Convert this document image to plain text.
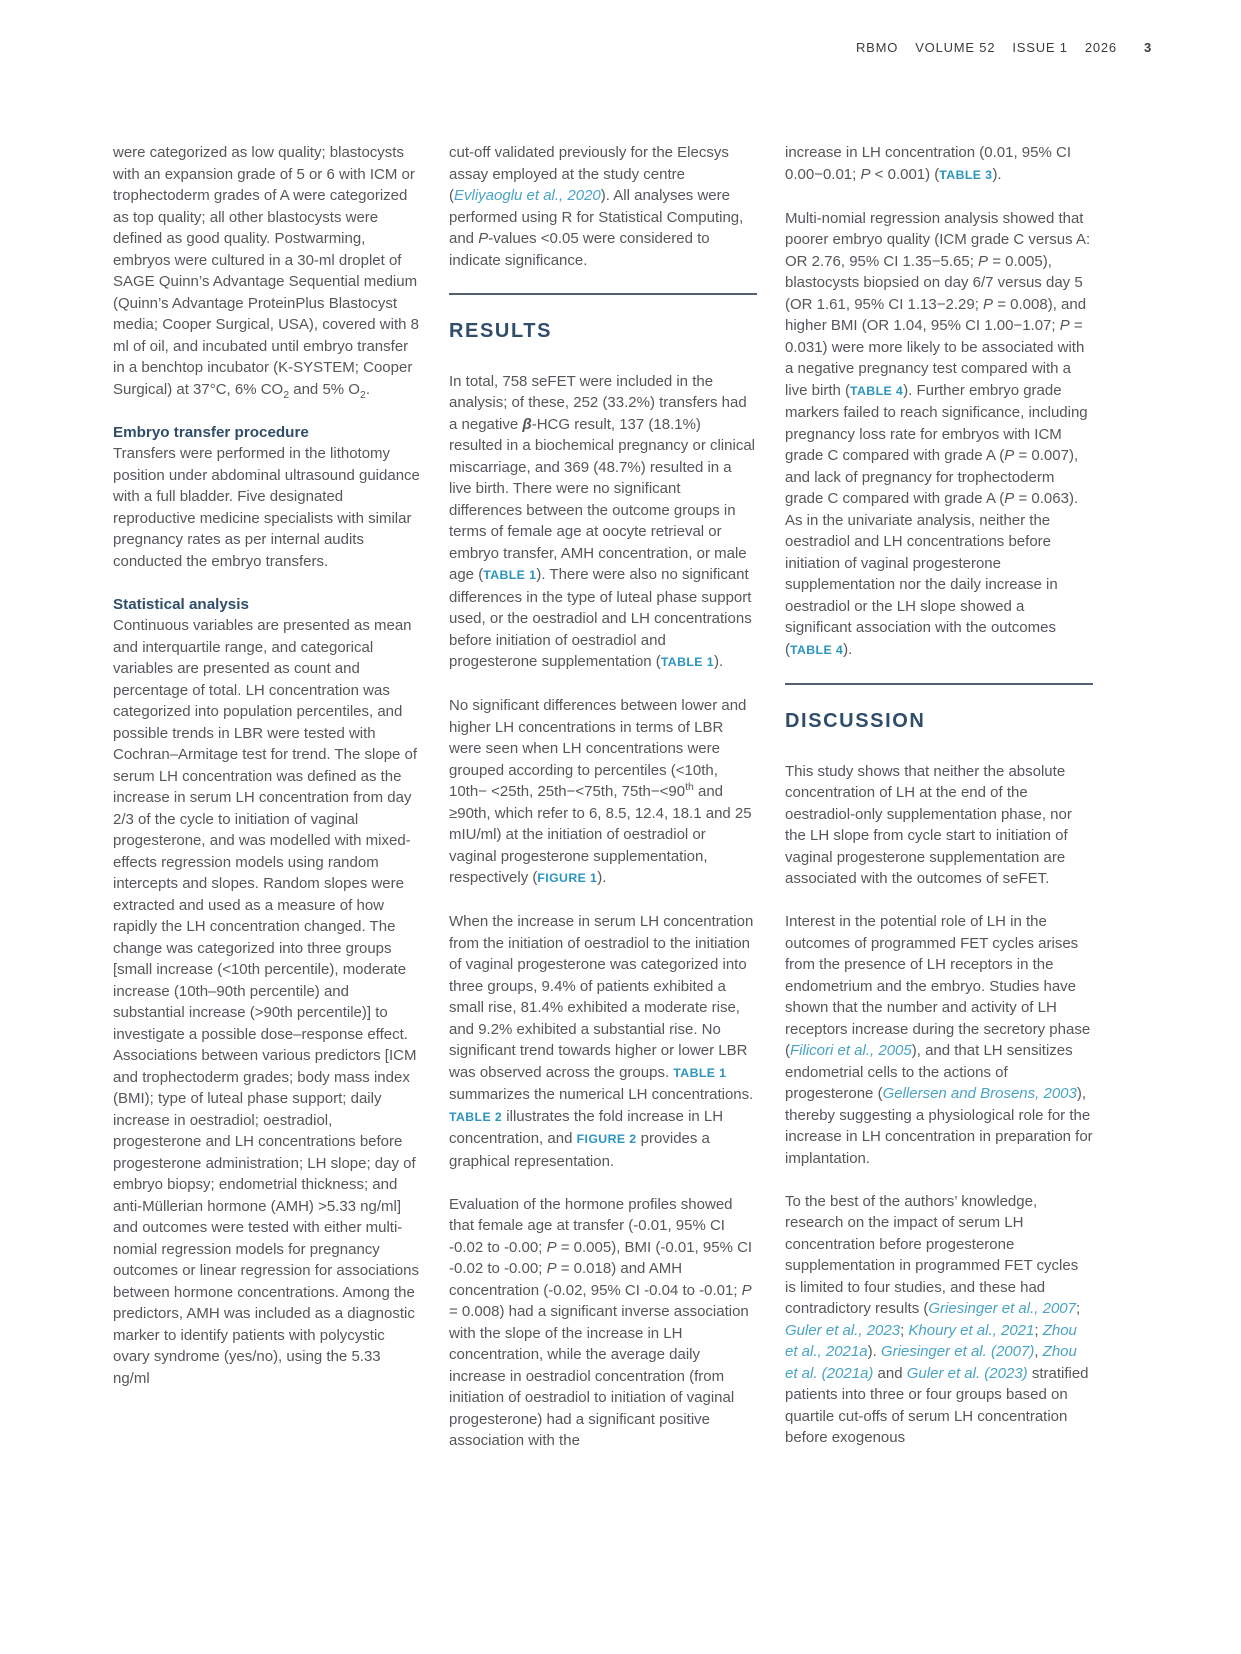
RBMO VOLUME 52 ISSUE 1 2026 3

were categorized as low quality; blastocysts with an expansion grade of 5 or 6 with ICM or trophectoderm grades of A were categorized as top quality; all other blastocysts were defined as good quality. Postwarming, embryos were cultured in a 30-ml droplet of SAGE Quinn’s Advantage Sequential medium (Quinn’s Advantage ProteinPlus Blastocyst media; Cooper Surgical, USA), covered with 8 ml of oil, and incubated until embryo transfer in a benchtop incubator (K-SYSTEM; Cooper Surgical) at 37°C, 6% $CO_2$ and 5% $O_2$.

Embryo transfer procedure

Transfers were performed in the lithotomy position under abdominal ultrasound guidance with a full bladder. Five designated reproductive medicine specialists with similar pregnancy rates as per internal audits conducted the embryo transfers.

Statistical analysis

Continuous variables are presented as mean and interquartile range, and categorical variables are presented as count and percentage of total. LH concentration was categorized into population percentiles, and possible trends in LBR were tested with Cochran–Armitage test for trend. The slope of serum LH concentration was defined as the increase in serum LH concentration from day 2/3 of the cycle to initiation of vaginal progesterone, and was modelled with mixed-effects regression models using random intercepts and slopes. Random slopes were extracted and used as a measure of how rapidly the LH concentration changed. The change was categorized into three groups [small increase (<10th percentile), moderate increase (10th–90th percentile) and substantial increase (>90th percentile)] to investigate a possible dose–response effect. Associations between various predictors [ICM and trophectoderm grades; body mass index (BMI); type of luteal phase support; daily increase in oestradiol; oestradiol, progesterone and LH concentrations before progesterone administration; LH slope; day of embryo biopsy; endometrial thickness; and anti-Müllerian hormone (AMH) >5.33 ng/ml] and outcomes were tested with either multi-nomial regression models for pregnancy outcomes or linear regression for associations between hormone concentrations. Among the predictors, AMH was included as a diagnostic marker to identify patients with polycystic ovary syndrome (yes/no), using the 5.33 ng/ml

cut-off validated previously for the Elecsys assay employed at the study centre (Evliyaoglu et al., 2020). All analyses were performed using R for Statistical Computing, and P-values <0.05 were considered to indicate significance.

RESULTS

In total, 758 seFET were included in the analysis; of these, 252 (33.2%) transfers had a negative β-HCG result, 137 (18.1%) resulted in a biochemical pregnancy or clinical miscarriage, and 369 (48.7%) resulted in a live birth. There were no significant differences between the outcome groups in terms of female age at oocyte retrieval or embryo transfer, AMH concentration, or male age (TABLE 1). There were also no significant differences in the type of luteal phase support used, or the oestradiol and LH concentrations before initiation of oestradiol and progesterone supplementation (TABLE 1).

No significant differences between lower and higher LH concentrations in terms of LBR were seen when LH concentrations were grouped according to percentiles (<10th, 10th− <25th, 25th−<75th, 75th−<90th and ≥90th, which refer to 6, 8.5, 12.4, 18.1 and 25 mIU/ml) at the initiation of oestradiol or vaginal progesterone supplementation, respectively (FIGURE 1).

When the increase in serum LH concentration from the initiation of oestradiol to the initiation of vaginal progesterone was categorized into three groups, 9.4% of patients exhibited a small rise, 81.4% exhibited a moderate rise, and 9.2% exhibited a substantial rise. No significant trend towards higher or lower LBR was observed across the groups. TABLE 1 summarizes the numerical LH concentrations. TABLE 2 illustrates the fold increase in LH concentration, and FIGURE 2 provides a graphical representation.

Evaluation of the hormone profiles showed that female age at transfer (-0.01, 95% CI -0.02 to -0.00; P = 0.005), BMI (-0.01, 95% CI -0.02 to -0.00; P = 0.018) and AMH concentration (-0.02, 95% CI -0.04 to -0.01; P = 0.008) had a significant inverse association with the slope of the increase in LH concentration, while the average daily increase in oestradiol concentration (from initiation of oestradiol to initiation of vaginal progesterone) had a significant positive association with the

increase in LH concentration (0.01, 95% CI 0.00−0.01; P < 0.001) (TABLE 3).

Multi-nomial regression analysis showed that poorer embryo quality (ICM grade C versus A: OR 2.76, 95% CI 1.35−5.65; P = 0.005), blastocysts biopsied on day 6/7 versus day 5 (OR 1.61, 95% CI 1.13−2.29; P = 0.008), and higher BMI (OR 1.04, 95% CI 1.00−1.07; P = 0.031) were more likely to be associated with a negative pregnancy test compared with a live birth (TABLE 4). Further embryo grade markers failed to reach significance, including pregnancy loss rate for embryos with ICM grade C compared with grade A (P = 0.007), and lack of pregnancy for trophectoderm grade C compared with grade A (P = 0.063). As in the univariate analysis, neither the oestradiol and LH concentrations before initiation of vaginal progesterone supplementation nor the daily increase in oestradiol or the LH slope showed a significant association with the outcomes (TABLE 4).

DISCUSSION

This study shows that neither the absolute concentration of LH at the end of the oestradiol-only supplementation phase, nor the LH slope from cycle start to initiation of vaginal progesterone supplementation are associated with the outcomes of seFET.

Interest in the potential role of LH in the outcomes of programmed FET cycles arises from the presence of LH receptors in the endometrium and the embryo. Studies have shown that the number and activity of LH receptors increase during the secretory phase (Filicori et al., 2005), and that LH sensitizes endometrial cells to the actions of progesterone (Gellersen and Brosens, 2003), thereby suggesting a physiological role for the increase in LH concentration in preparation for implantation.

To the best of the authors’ knowledge, research on the impact of serum LH concentration before progesterone supplementation in programmed FET cycles is limited to four studies, and these had contradictory results (Griesinger et al., 2007; Guler et al., 2023; Khoury et al., 2021; Zhou et al., 2021a). Griesinger et al. (2007), Zhou et al. (2021a) and Guler et al. (2023) stratified patients into three or four groups based on quartile cut-offs of serum LH concentration before exogenous
